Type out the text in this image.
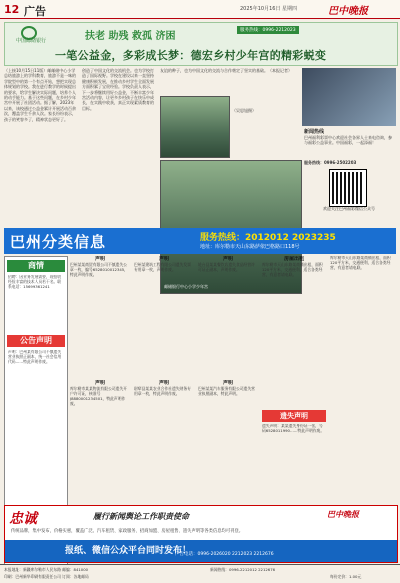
12 广告	2025年10月16日 星期四	巴中晚报
中国邮储银行	扶老 助残 救孤 济困
服务热线：0996-2212023
一笔公益金，多彩成长梦：德宏乡村少年宫的精彩蜕变
（上接10月15日11版）邮邮储中心小学总结旅游上的学科教育，旅游不是一味的学院型中的第一个有点开始，想把实现总体规划的学校。我在进行教学的时候提出的要求，给学生解决实际问题，培养个人的动手能力。基于这些问题，在乡村少年宫中开展了社团活动。据了解，2023年以来，该校通过公益金累计开展活动百余次，覆盖学生千余人次。家长纷纷表示，孩子的笑容多了，精神状态更好了。
创造了中国文化的交流机会。也为学校打造了国际视野。学校在建设以来一直坚持健康积极发展，在推动乡村学生全面发展方面积累了宝贵经验。学校负责人表示，下一步将继续用好公益金，不断丰富少年宫活动内容，让更多乡村孩子在快乐中成长，在实践中收获，真正实现素质教育的目标。
友谊的种子，也为中国文化的交流与合作奠定了坚实的基础。（本报记者）
（吴思旭摄）
邮储银行中心小学少年宫
新闻热线
巴州福利彩票中心欢迎社会各界人士来电咨询，参与福彩公益事业。中国福彩，一起添福！
服务热线：0996-2502203
欢迎关注巴州福彩微信公众号
巴州分类信息	服务热线：2012012 2023235
地址：库尔勒市天山东路萨依巴格路口118号
商情
招聘：因业务发展需要，现招收经验丰富的技术人员若干名。联系电话：15699361241
公告声明
声明：巴州某有限公司不慎遗失营业执照正副本，统一社会信用代码……特此声明作废。
声明
巴州某某商贸有限公司不慎遗失公章一枚，编号6528010012345，特此声明作废。
声明
库尔勒市某某物流有限公司遗失开户许可证，核准号J8880001234501，特此声明作废。
声明
巴州某建筑工程有限公司遗失发票专用章一枚，声明作废。
声明
尉犁县某某农业合作社遗失财务专用章一枚，特此声明作废。
声明
轮台县某某餐饮店遗失食品经营许可证正副本，声明作废。
声明
巴州某某汽车服务有限公司遗失营业执照副本，特此声明。
房屋出租
库尔勒市天山东路某商铺出租，面积120平方米，交通便利，适合各类经营，有意者请电联。
遗失声明
遗失声明：某某遗失身份证一张，号码6528011990……特此声明作废。
库尔勒市天山东路某商铺出租，面积120平方米，交通便利，适合各类经营，有意者请电联。
忠诚	履行新闻舆论工作职责使命	巴中晚报
传统品牌，集中发布，价格实惠，覆盖广泛。汽车租赁、家政服务、招商加盟、房屋租售、遗失声明等各类信息均可刊登。
报纸、微信公众平台同时发布！
广告电话：0996-2026020 2212023 2212676
本报地址：新疆库尔勒市人民东路 邮编：841000	新闻热线：0996-2212012 2212676
印刷：巴州新华印刷有限责任公司 订阅：各地邮局	每份定价：1.00元
